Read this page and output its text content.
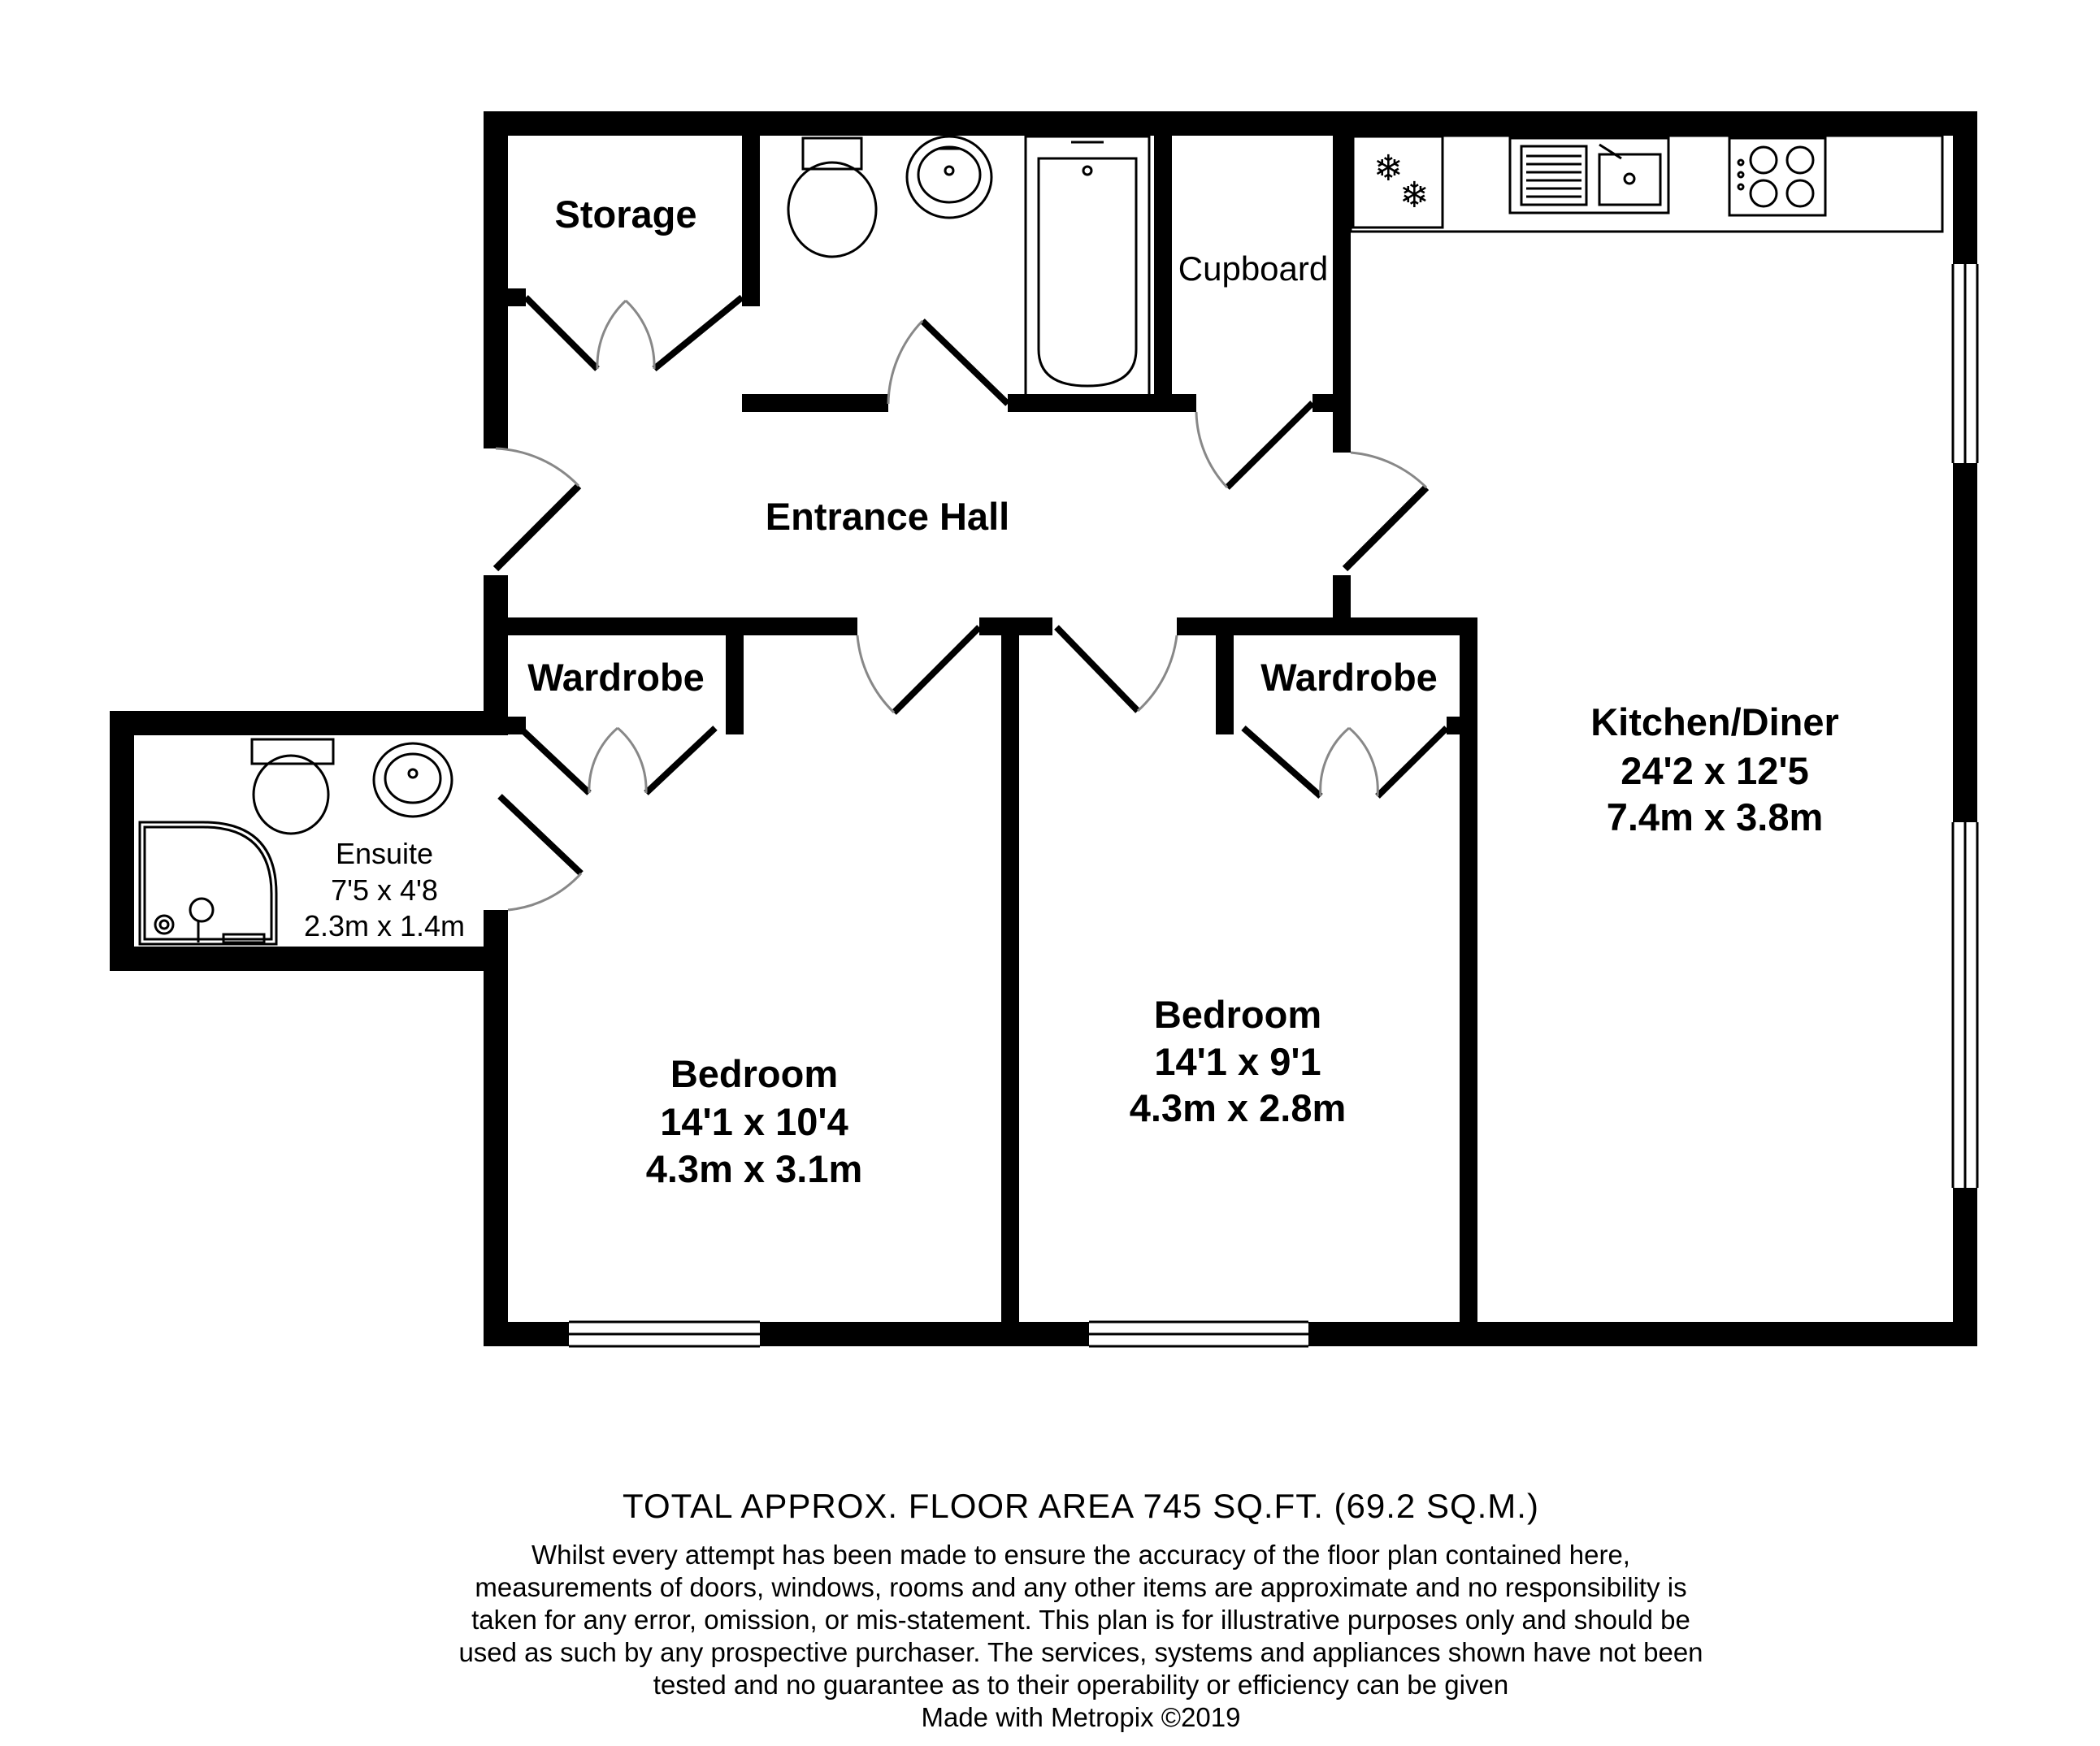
❄
❄
Storage
Cupboard
Entrance Hall
Wardrobe	Wardrobe
Ensuite
7'5 x 4'8
2.3m x 1.4m
Kitchen/Diner
24'2 x 12'5
7.4m x 3.8m
Bedroom
14'1 x 10'4
4.3m x 3.1m
Bedroom
14'1 x 9'1
4.3m x 2.8m
TOTAL APPROX. FLOOR AREA 745 SQ.FT. (69.2 SQ.M.)
Whilst every attempt has been made to ensure the accuracy of the floor plan contained here, measurements of doors, windows, rooms and any other items are approximate and no responsibility is taken for any error, omission, or mis-statement. This plan is for illustrative purposes only and should be used as such by any prospective purchaser. The services, systems and appliances shown have not been tested and no guarantee as to their operability or efficiency can be given
Made with Metropix ©2019
